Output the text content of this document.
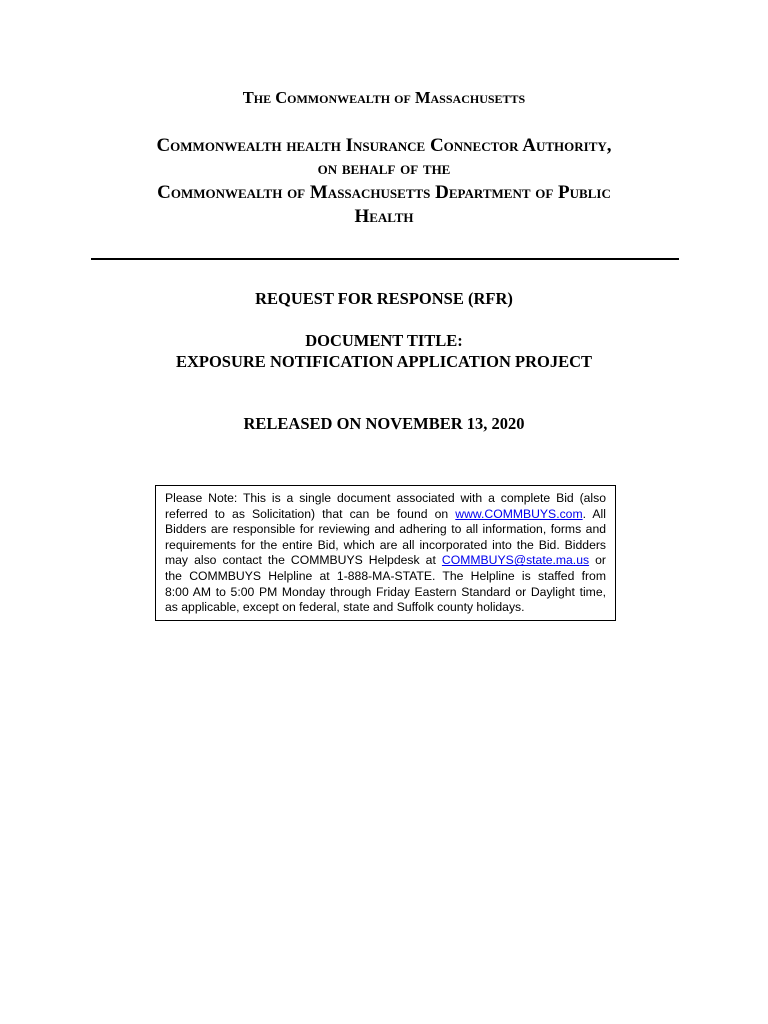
The Commonwealth of Massachusetts
Commonwealth health Insurance Connector Authority,
on behalf of the
Commonwealth of Massachusetts Department of Public
Health
REQUEST FOR RESPONSE (RFR)
DOCUMENT TITLE:
EXPOSURE NOTIFICATION APPLICATION PROJECT
RELEASED ON NOVEMBER 13, 2020
Please Note: This is a single document associated with a complete Bid (also
referred to as Solicitation) that can be found on www.COMMBUYS.com. All
Bidders are responsible for reviewing and adhering to all information, forms and
requirements for the entire Bid, which are all incorporated into the Bid. Bidders
may also contact the COMMBUYS Helpdesk at COMMBUYS@state.ma.us or
the COMMBUYS Helpline at 1-888-MA-STATE. The Helpline is staffed from
8:00 AM to 5:00 PM Monday through Friday Eastern Standard or Daylight time,
as applicable, except on federal, state and Suffolk county holidays.
